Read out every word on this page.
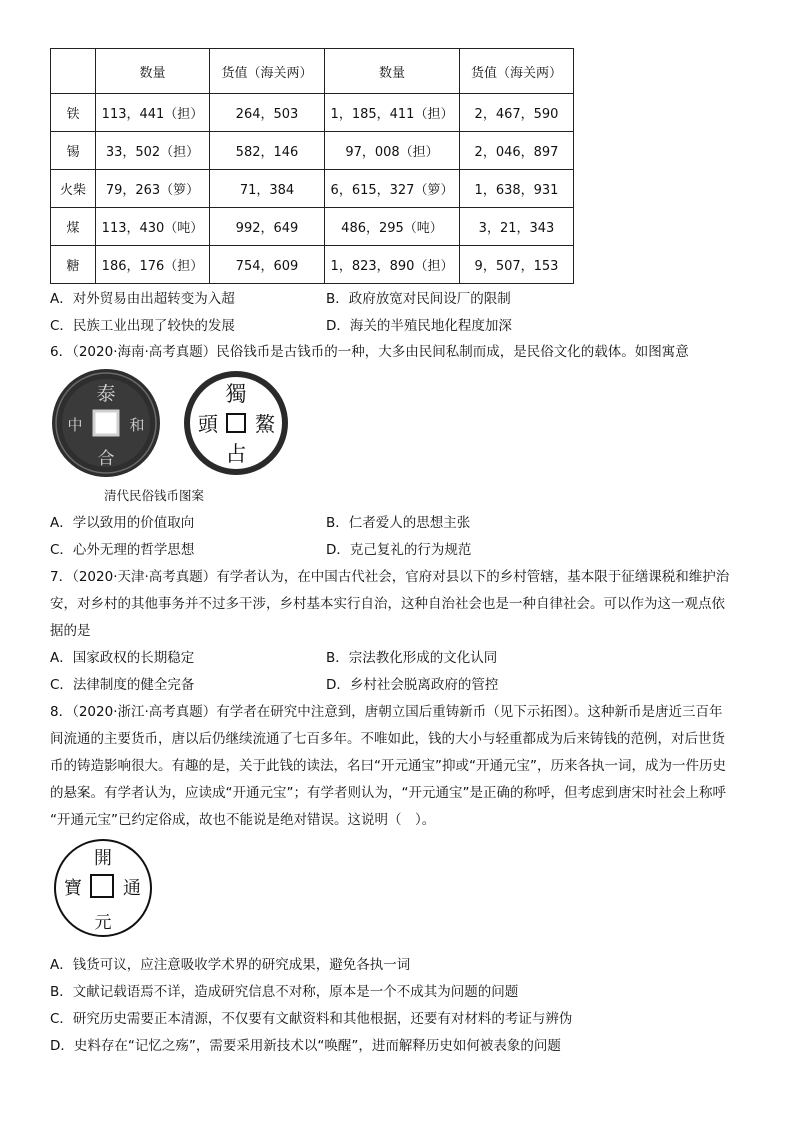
	数量	货值（海关两）	数量	货值（海关两）
铁	113，441（担）	264，503	1，185，411（担）	2，467，590
锡	33，502（担）	582，146	97，008（担）	2，046，897
火柴	79，263（箩）	71，384	6，615，327（箩）	1，638，931
煤	113，430（吨）	992，649	486，295（吨）	3，21，343
糖	186，176（担）	754，609	1，823，890（担）	9，507，153
A．对外贸易由出超转变为入超	B．政府放宽对民间设厂的限制
C．民族工业出现了较快的发展	D．海关的半殖民地化程度加深
6．（2020·海南·高考真题）民俗钱币是古钱币的一种，大多由民间私制而成，是民俗文化的载体。如图寓意
泰
和
合
中
獨
鰲
占
頭
清代民俗钱币图案
A．学以致用的价值取向	B．仁者爱人的思想主张
C．心外无理的哲学思想	D．克己复礼的行为规范
7．（2020·天津·高考真题）有学者认为，在中国古代社会，官府对县以下的乡村管辖，基本限于征缮课税和维护治
安，对乡村的其他事务并不过多干涉，乡村基本实行自治，这种自治社会也是一种自律社会。可以作为这一观点依
据的是
A．国家政权的长期稳定	B．宗法教化形成的文化认同
C．法律制度的健全完备	D．乡村社会脱离政府的管控
8．（2020·浙江·高考真题）有学者在研究中注意到，唐朝立国后重铸新币（见下示拓图）。这种新币是唐近三百年
间流通的主要货币，唐以后仍继续流通了七百多年。不唯如此，钱的大小与轻重都成为后来铸钱的范例，对后世货
币的铸造影响很大。有趣的是，关于此钱的读法，名曰“开元通宝”抑或“开通元宝”，历来各执一词，成为一件历史
的悬案。有学者认为，应读成“开通元宝”；有学者则认为，“开元通宝”是正确的称呼，但考虑到唐宋时社会上称呼
“开通元宝”已约定俗成，故也不能说是绝对错误。这说明（　）。
開
通
元
寶
A．钱货可议，应注意吸收学术界的研究成果，避免各执一词
B．文献记载语焉不详，造成研究信息不对称，原本是一个不成其为问题的问题
C．研究历史需要正本清源，不仅要有文献资料和其他根据，还要有对材料的考证与辨伪
D．史料存在“记忆之殇”，需要采用新技术以“唤醒”，进而解释历史如何被表象的问题
